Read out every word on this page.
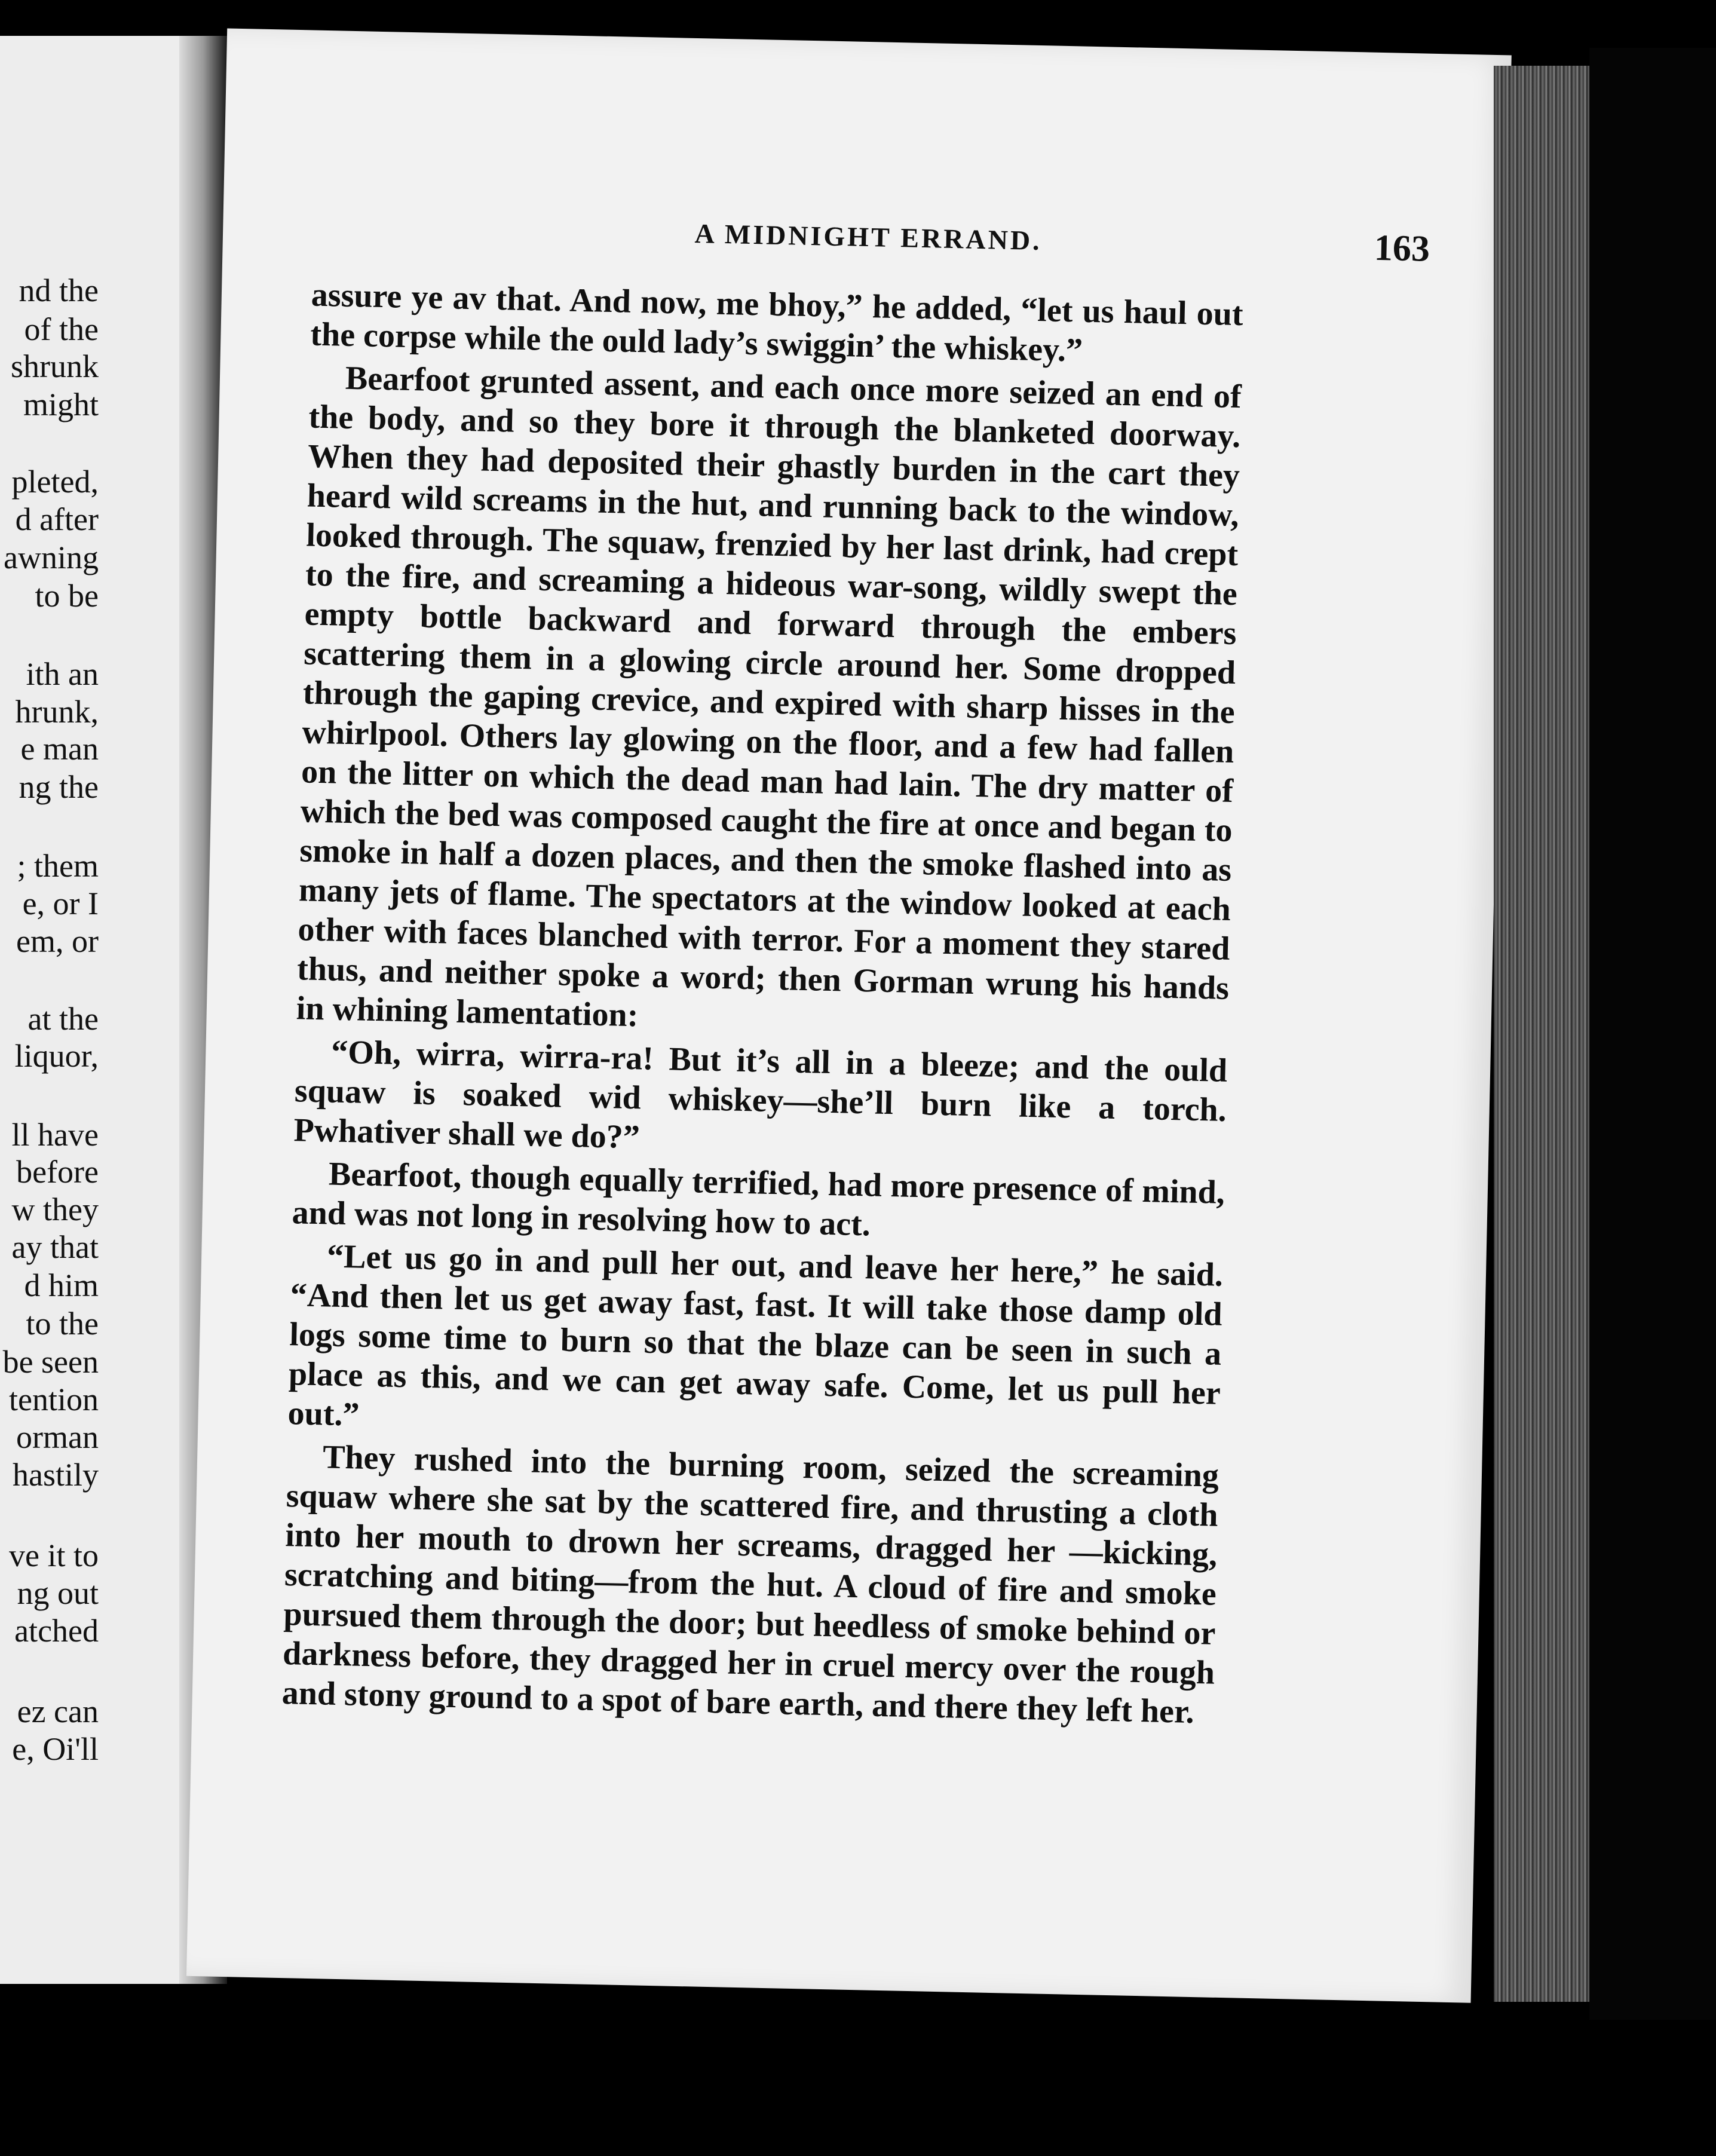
nd the
of the
shrunk
might
pleted,
d after
awning
to be
ith an
hrunk,
e man
ng the
; them
e, or I
em, or
at the
liquor,
ll have
before
w they
ay that
d him
to the
be seen
tention
orman
hastily
ve it to
ng out
atched
ez can
e, Oi'll
A MIDNIGHT ERRAND.	163

assure ye av that. And now, me bhoy,” he added, “let us haul out the corpse while the ould lady’s swiggin’ the whiskey.”

Bearfoot grunted assent, and each once more seized an end of the body, and so they bore it through the blanketed doorway. When they had deposited their ghastly burden in the cart they heard wild screams in the hut, and running back to the window, looked through. The squaw, frenzied by her last drink, had crept to the fire, and screaming a hideous war-song, wildly swept the empty bottle backward and forward through the embers scattering them in a glowing circle around her. Some dropped through the gaping crevice, and expired with sharp hisses in the whirlpool. Others lay glowing on the floor, and a few had fallen on the litter on which the dead man had lain. The dry matter of which the bed was composed caught the fire at once and began to smoke in half a dozen places, and then the smoke flashed into as many jets of flame. The spectators at the window looked at each other with faces blanched with terror. For a moment they stared thus, and neither spoke a word; then Gorman wrung his hands in whining lamentation:

“Oh, wirra, wirra-ra! But it’s all in a bleeze; and the ould squaw is soaked wid whiskey—she’ll burn like a torch. Pwhativer shall we do?”

Bearfoot, though equally terrified, had more presence of mind, and was not long in resolving how to act.

“Let us go in and pull her out, and leave her here,” he said. “And then let us get away fast, fast. It will take those damp old logs some time to burn so that the blaze can be seen in such a place as this, and we can get away safe. Come, let us pull her out.”

They rushed into the burning room, seized the screaming squaw where she sat by the scattered fire, and thrusting a cloth into her mouth to drown her screams, dragged her —kicking, scratching and biting—from the hut. A cloud of fire and smoke pursued them through the door; but heedless of smoke behind or darkness before, they dragged her in cruel mercy over the rough and stony ground to a spot of bare earth, and there they left her.
